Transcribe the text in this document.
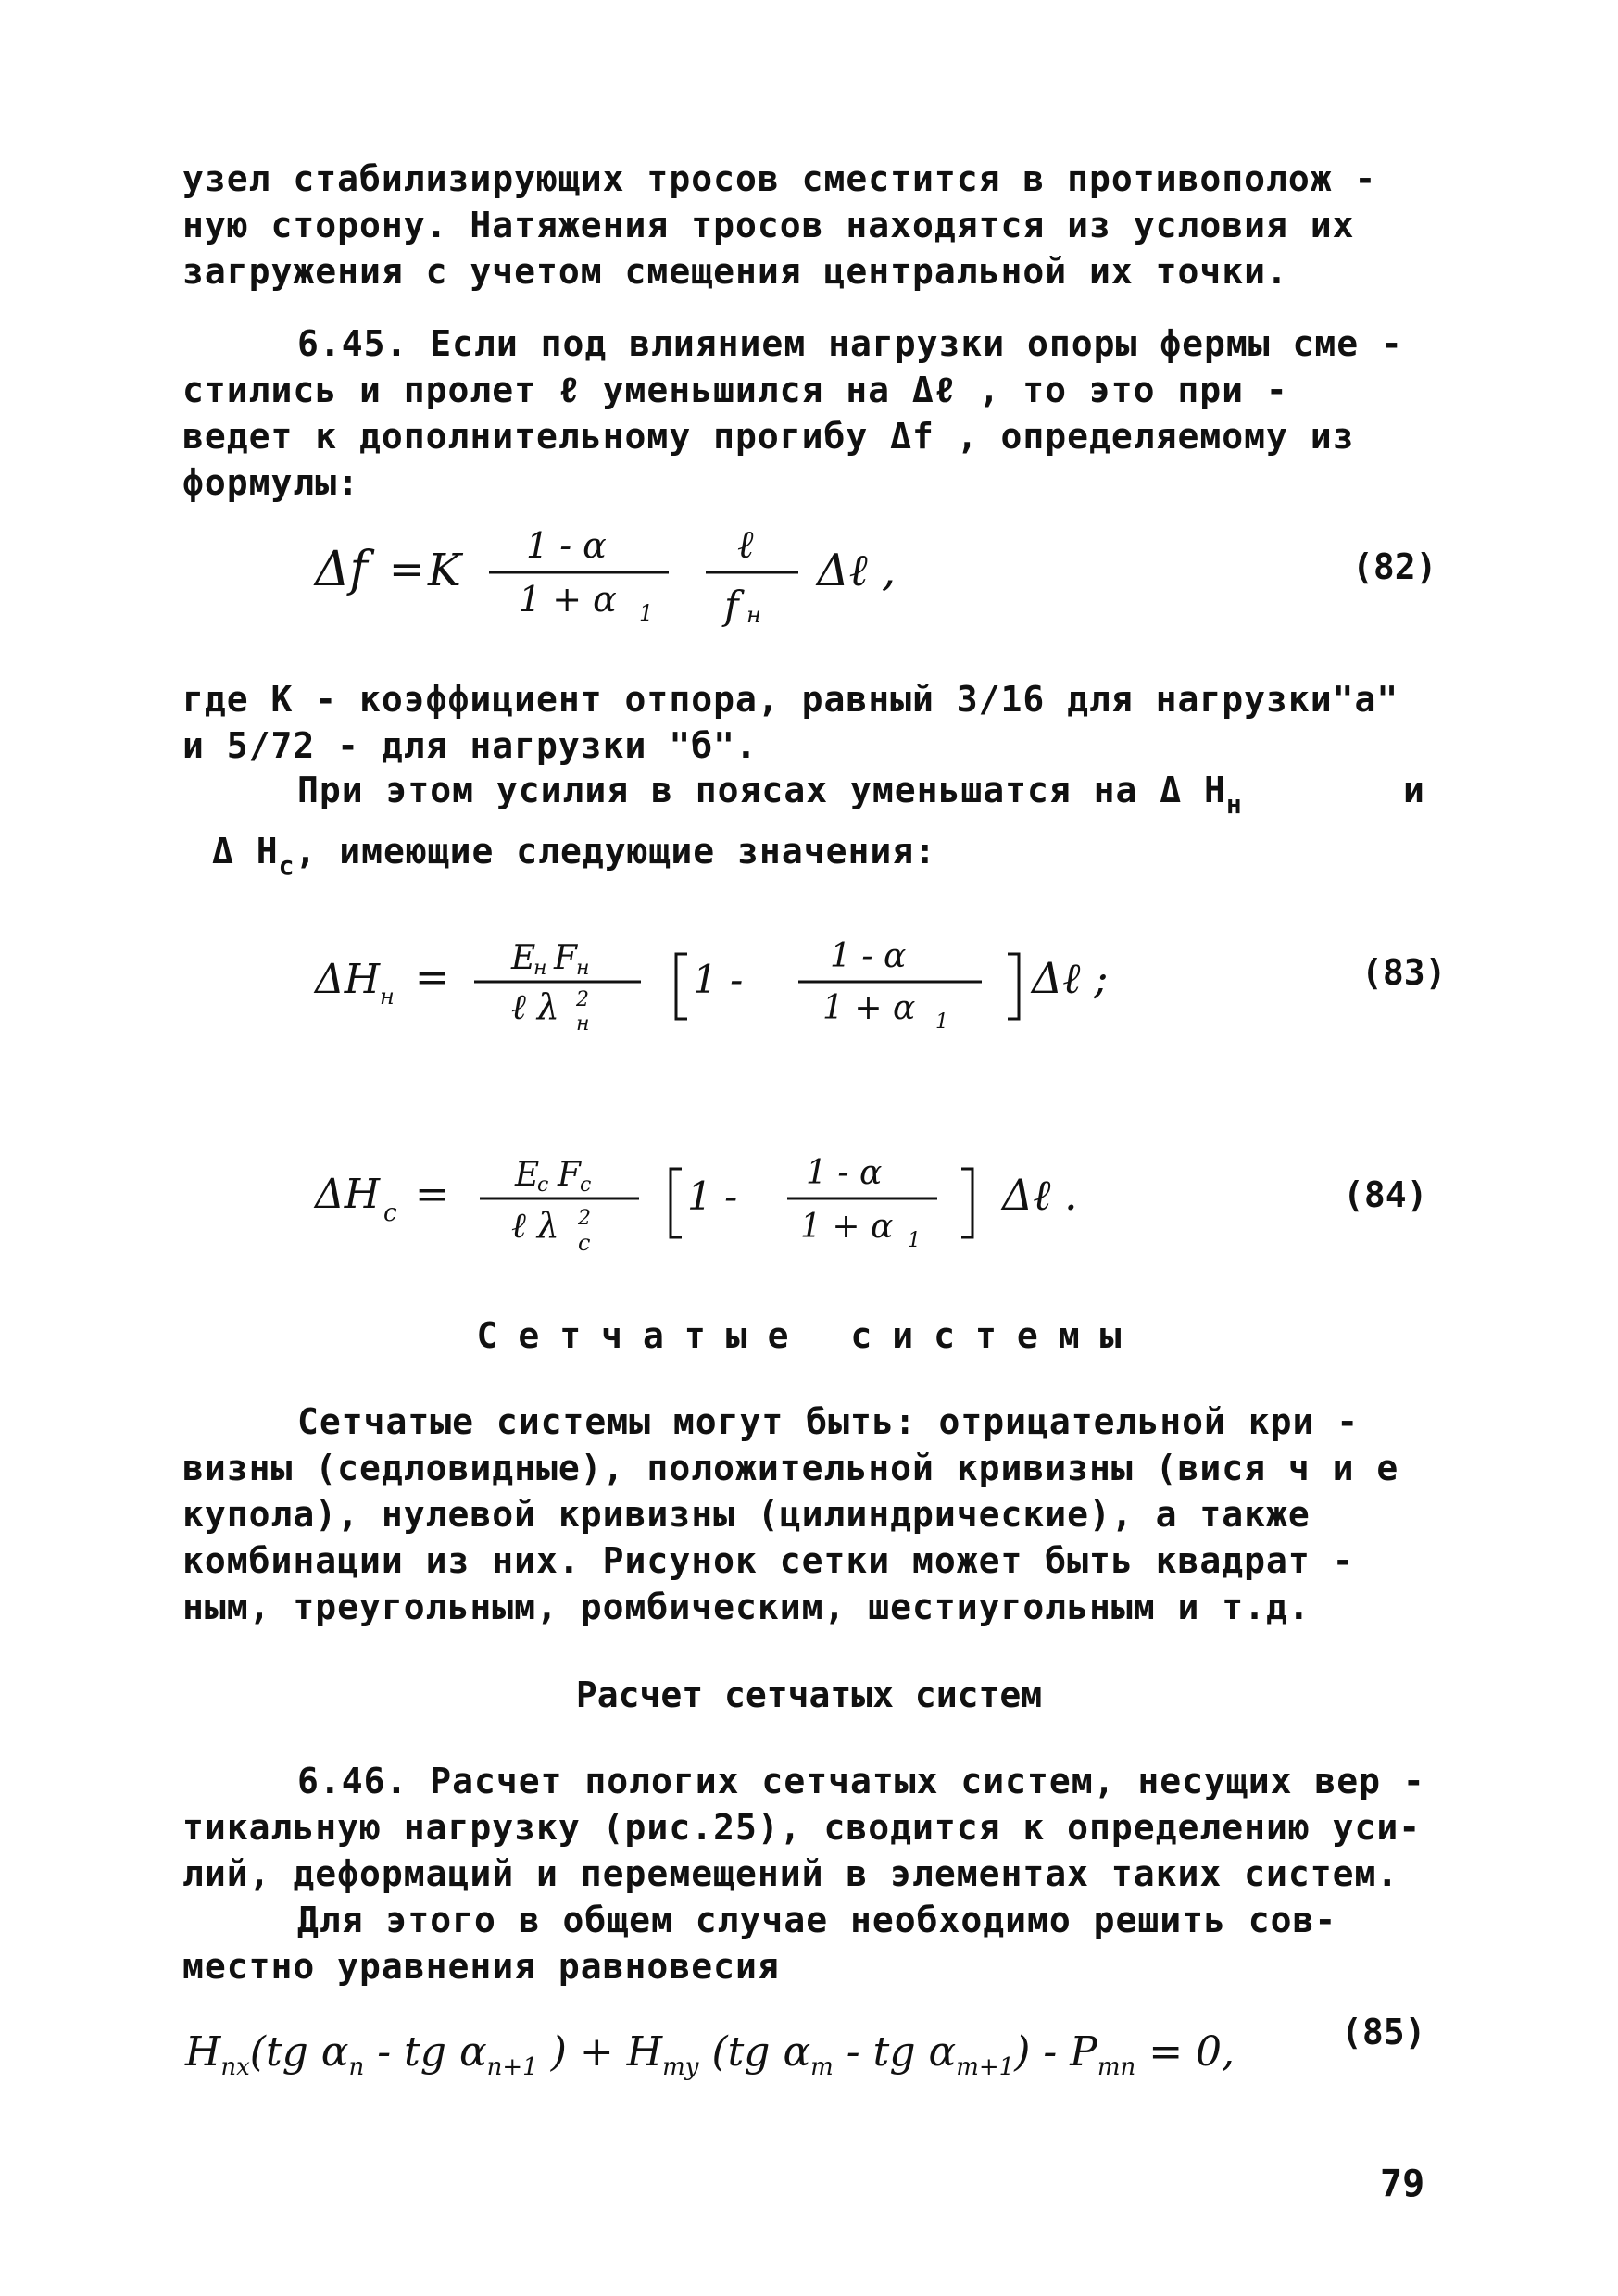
узел стабилизирующих тросов сместится в противополож -
ную сторону. Натяжения тросов находятся из условия их
загружения с учетом смещения центральной их точки.

6.45. Если под влиянием нагрузки опоры фермы сме -
стились и пролет ℓ уменьшился на Δℓ , то это при -
ведет к дополнительному прогибу Δf , определяемому из
формулы:

Δf = K 1 - α
1 + α 1
ℓ
f н
Δℓ ,	(82)

где К - коэффициент отпора, равный 3/16 для нагрузки"а"
и 5/72 - для нагрузки "б".

При этом усилия в поясах уменьшатся на Δ $H_н$	и
Δ $H_с$, имеющие следующие значения:

ΔH н = E
н F н
ℓ λ 2
н
1 -
1 - α
1 + α 1
Δℓ ;	(83)
ΔH c = E
c F c
ℓ λ 2
c
1 -
1 - α
1 + α 1
Δℓ .	(84)
Сетчатые системы

Сетчатые системы могут быть: отрицательной кри -
визны (седловидные), положительной кривизны (вися ч и е
купола), нулевой кривизны (цилиндрические), а также
комбинации из них. Рисунок сетки может быть квадрат -
ным, треугольным, ромбическим, шестиугольным и т.д.

Расчет сетчатых систем

6.46. Расчет пологих сетчатых систем, несущих вер -
тикальную нагрузку (рис.25), сводится к определению уси-
лий, деформаций и перемещений в элементах таких систем.
Для этого в общем случае необходимо решить сов-
местно уравнения равновесия

$H_{nx}(tg$ $\alpha_n$ - tg $\alpha_{n+1}$ ) + $H_{my}$ (tg $\alpha_m$ - tg $\alpha_{m+1}) - P_{mn} = 0$,	(85)

79
